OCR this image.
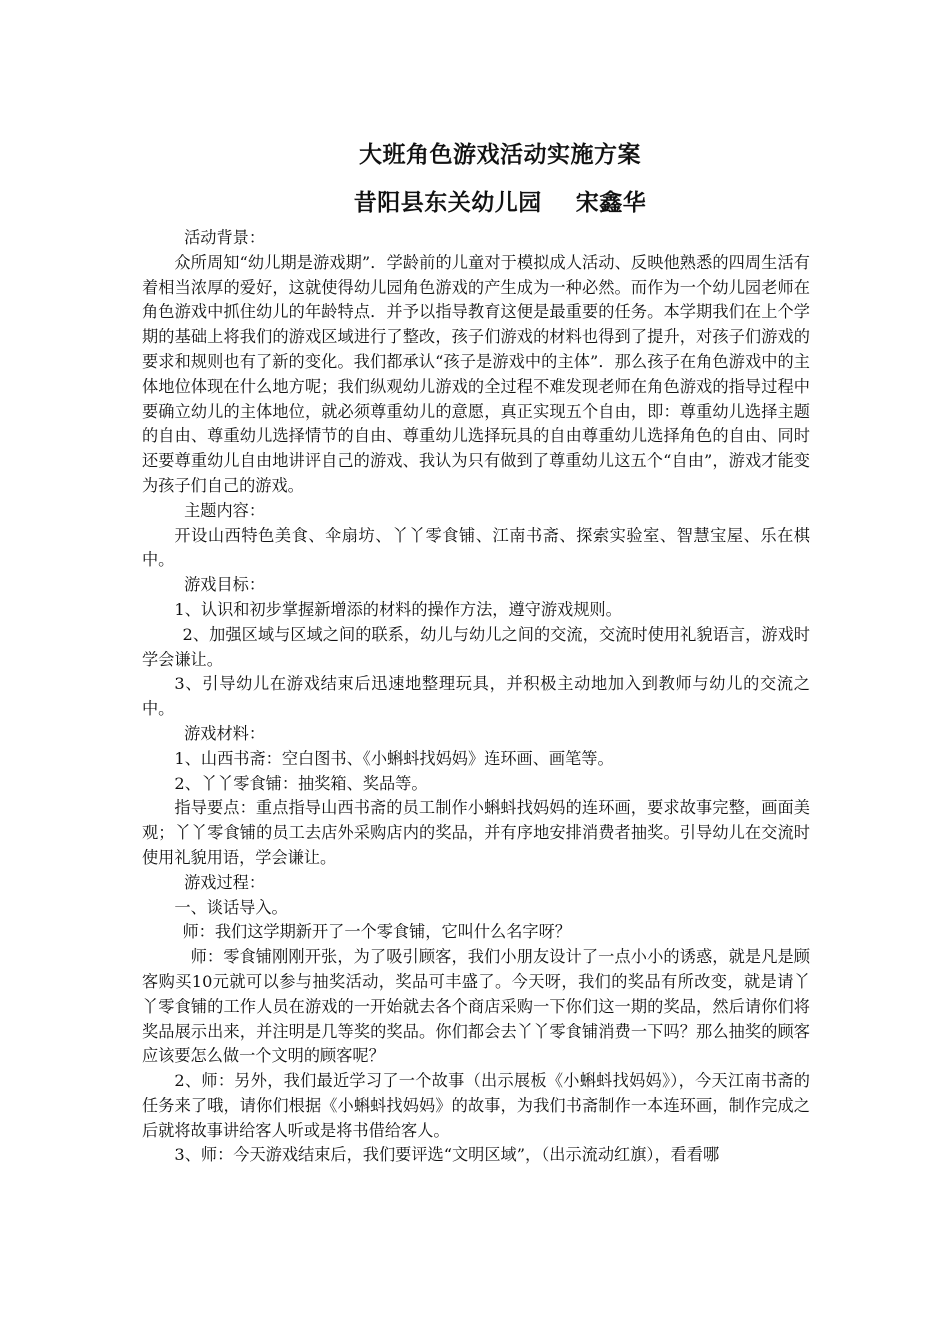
大班角色游戏活动实施方案
昔阳县东关幼儿园    宋鑫华

活动背景：

众所周知“幼儿期是游戏期”．学龄前的儿童对于模拟成人活动、反映他熟悉的四周生活有着相当浓厚的爱好，这就使得幼儿园角色游戏的产生成为一种必然。而作为一个幼儿园老师在角色游戏中抓住幼儿的年龄特点．并予以指导教育这便是最重要的任务。本学期我们在上个学期的基础上将我们的游戏区域进行了整改，孩子们游戏的材料也得到了提升，对孩子们游戏的要求和规则也有了新的变化。我们都承认“孩子是游戏中的主体”．那么孩子在角色游戏中的主体地位体现在什么地方呢；我们纵观幼儿游戏的全过程不难发现老师在角色游戏的指导过程中要确立幼儿的主体地位，就必须尊重幼儿的意愿，真正实现五个自由，即：尊重幼儿选择主题的自由、尊重幼儿选择情节的自由、尊重幼儿选择玩具的自由尊重幼儿选择角色的自由、同时还要尊重幼儿自由地讲评自己的游戏、我认为只有做到了尊重幼儿这五个“自由”，游戏才能变为孩子们自己的游戏。

主题内容：

开设山西特色美食、伞扇坊、丫丫零食铺、江南书斋、探索实验室、智慧宝屋、乐在棋中。

游戏目标：

1、认识和初步掌握新增添的材料的操作方法，遵守游戏规则。

2、加强区域与区域之间的联系，幼儿与幼儿之间的交流，交流时使用礼貌语言，游戏时学会谦让。

3、引导幼儿在游戏结束后迅速地整理玩具，并积极主动地加入到教师与幼儿的交流之中。

游戏材料：

1、山西书斋：空白图书、《小蝌蚪找妈妈》连环画、画笔等。

2、丫丫零食铺：抽奖箱、奖品等。

指导要点：重点指导山西书斋的员工制作小蝌蚪找妈妈的连环画，要求故事完整，画面美观；丫丫零食铺的员工去店外采购店内的奖品，并有序地安排消费者抽奖。引导幼儿在交流时使用礼貌用语，学会谦让。

游戏过程：

一、谈话导入。

师：我们这学期新开了一个零食铺，它叫什么名字呀？

师：零食铺刚刚开张，为了吸引顾客，我们小朋友设计了一点小小的诱惑，就是凡是顾客购买10元就可以参与抽奖活动，奖品可丰盛了。今天呀，我们的奖品有所改变，就是请丫丫零食铺的工作人员在游戏的一开始就去各个商店采购一下你们这一期的奖品，然后请你们将奖品展示出来，并注明是几等奖的奖品。你们都会去丫丫零食铺消费一下吗？那么抽奖的顾客应该要怎么做一个文明的顾客呢？

2、师：另外，我们最近学习了一个故事（出示展板《小蝌蚪找妈妈》），今天江南书斋的任务来了哦，请你们根据《小蝌蚪找妈妈》的故事，为我们书斋制作一本连环画，制作完成之后就将故事讲给客人听或是将书借给客人。

3、师：今天游戏结束后，我们要评选“文明区域”，（出示流动红旗），看看哪
